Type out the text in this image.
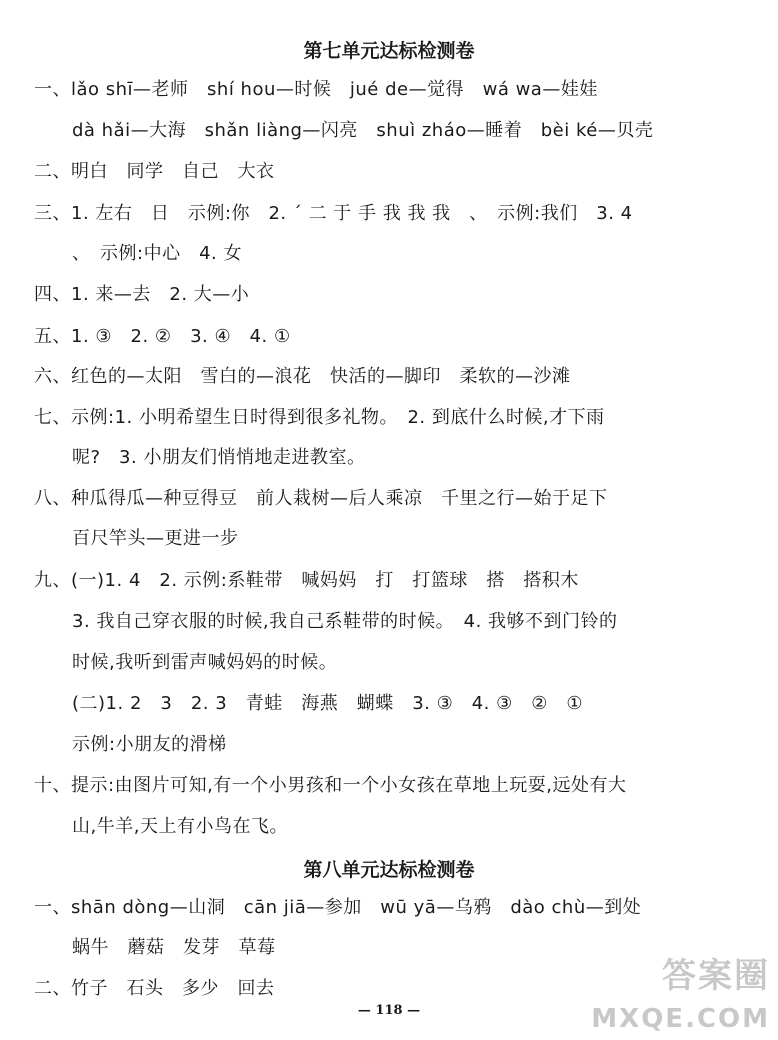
第七单元达标检测卷
一、lǎo shī—老师　shí hou—时候　jué de—觉得　wá wa—娃娃
dà hǎi—大海　shǎn liàng—闪亮　shuì zháo—睡着　bèi ké—贝壳
二、明白　同学　自己　大衣
三、1. 左右　日　示例:你　2. ˊ 二 于 手 我 我 我　、　示例:我们　3. 4
、　示例:中心　4. 女
四、1. 来—去　2. 大—小
五、1. ③　2. ②　3. ④　4. ①
六、红色的—太阳　雪白的—浪花　快活的—脚印　柔软的—沙滩
七、示例:1. 小明希望生日时得到很多礼物。　2. 到底什么时候,才下雨
呢?　3. 小朋友们悄悄地走进教室。
八、种瓜得瓜—种豆得豆　前人栽树—后人乘凉　千里之行—始于足下
百尺竿头—更进一步
九、(一)1. 4　2. 示例:系鞋带　喊妈妈　打　打篮球　搭　搭积木
3. 我自己穿衣服的时候,我自己系鞋带的时候。　4. 我够不到门铃的
时候,我听到雷声喊妈妈的时候。
(二)1. 2　3　2. 3　青蛙　海燕　蝴蝶　3. ③　4. ③　②　①
示例:小朋友的滑梯
十、提示:由图片可知,有一个小男孩和一个小女孩在草地上玩耍,远处有大
山,牛羊,天上有小鸟在飞。
第八单元达标检测卷
一、shān dòng—山洞　cān jiā—参加　wū yā—乌鸦　dào chù—到处
蜗牛　蘑菇　发芽　草莓
二、竹子　石头　多少　回去
— 118 —
答案圈
MXQE.COM
